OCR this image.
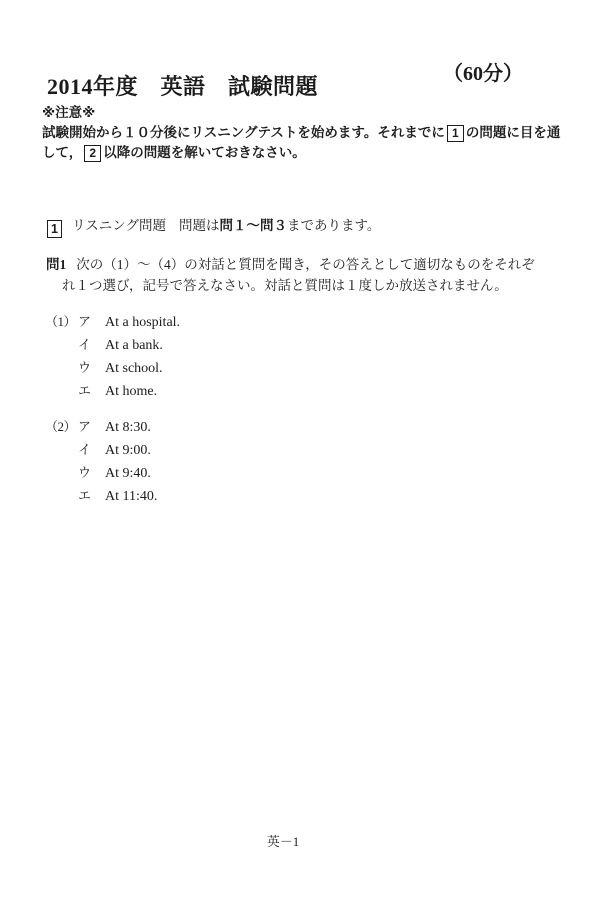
2014年度　英語　試験問題	（60分）
※注意※
試験開始から１０分後にリスニングテストを始めます。それまでに 1 の問題に目を通
して， 2 以降の問題を解いておきなさい。
1 リスニング問題 問題は問１～問３まであります。
問1 次の（1）～（4）の対話と質問を聞き，その答えとして適切なものをそれぞ
れ１つ選び，記号で答えなさい。対話と質問は１度しか放送されません。
（1） ア At a hospital.
イ At a bank.
ウ At school.
エ At home.
（2） ア At 8:30.
イ At 9:00.
ウ At 9:40.
エ At 11:40.
英－1
